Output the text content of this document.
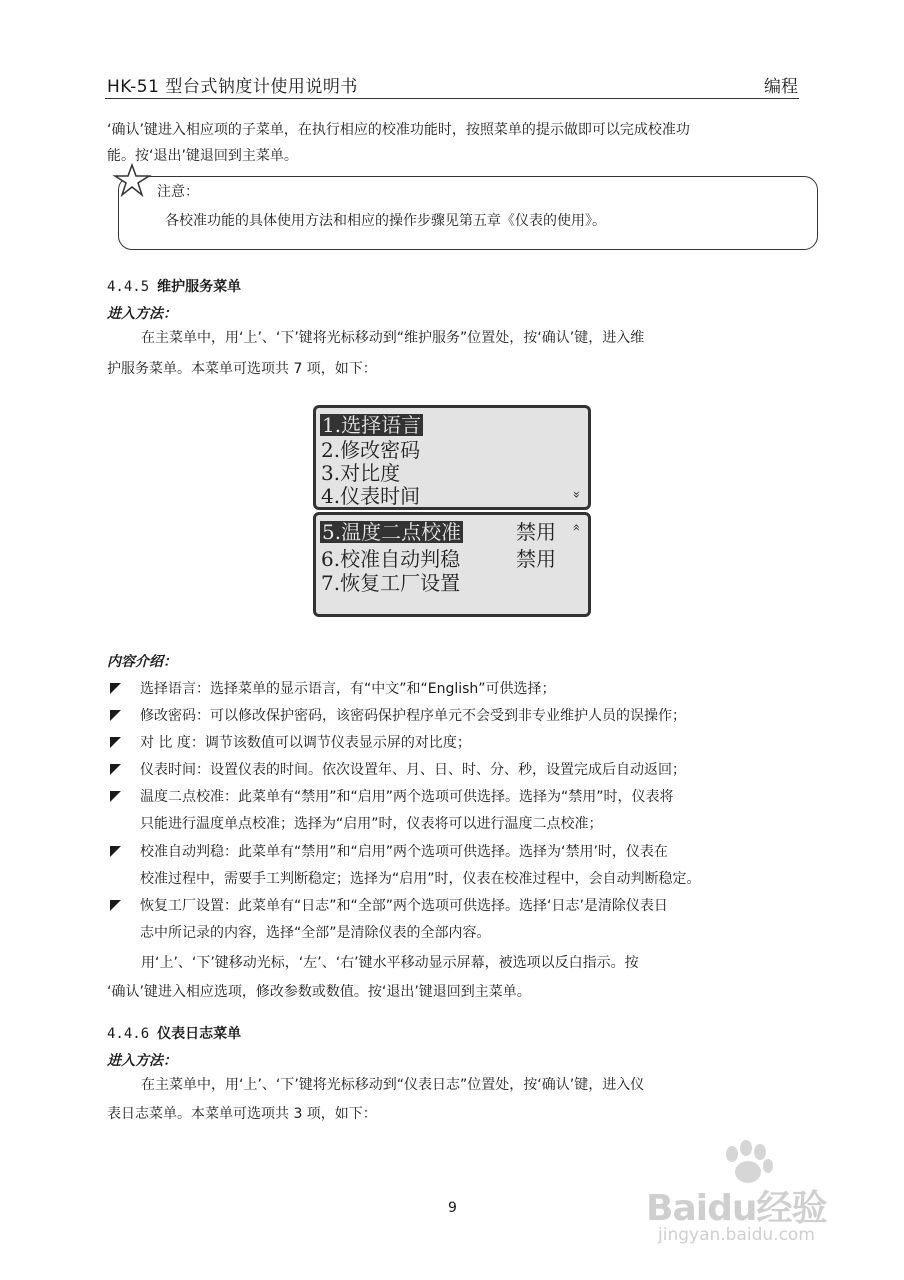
HK-51 型台式钠度计使用说明书	编程
‘确认’键进入相应项的子菜单，在执行相应的校准功能时，按照菜单的提示做即可以完成校准功
能。按‘退出’键退回到主菜单。
注意：
各校准功能的具体使用方法和相应的操作步骤见第五章《仪表的使用》。
4.4.5 维护服务菜单
进入方法：
在主菜单中，用‘上’、‘下’键将光标移动到“维护服务”位置处，按‘确认’键，进入维
护服务菜单。本菜单可选项共 7 项，如下：
1.选择语言
2.修改密码
3.对比度
4.仪表时间	»
5.温度二点校准	禁用
6.校准自动判稳	禁用
7.恢复工厂设置
«
内容介绍：
选择语言：选择菜单的显示语言，有“中文”和“English”可供选择；
修改密码：可以修改保护密码，该密码保护程序单元不会受到非专业维护人员的误操作；
对 比 度：调节该数值可以调节仪表显示屏的对比度；
仪表时间：设置仪表的时间。依次设置年、月、日、时、分、秒，设置完成后自动返回；
温度二点校准：此菜单有“禁用”和“启用”两个选项可供选择。选择为“禁用”时，仪表将
只能进行温度单点校准；选择为“启用”时，仪表将可以进行温度二点校准；
校准自动判稳：此菜单有“禁用”和“启用”两个选项可供选择。选择为‘禁用’时，仪表在
校准过程中，需要手工判断稳定；选择为“启用”时，仪表在校准过程中，会自动判断稳定。
恢复工厂设置：此菜单有“日志”和“全部”两个选项可供选择。选择‘日志’是清除仪表日
志中所记录的内容，选择“全部”是清除仪表的全部内容。
用‘上’、‘下’键移动光标，‘左’、‘右’键水平移动显示屏幕，被选项以反白指示。按
‘确认’键进入相应选项，修改参数或数值。按‘退出’键退回到主菜单。
4.4.6 仪表日志菜单
进入方法：
在主菜单中，用‘上’、‘下’键将光标移动到“仪表日志”位置处，按‘确认’键，进入仪
表日志菜单。本菜单可选项共 3 项，如下：
9	Baidu经验
jingyan.baidu.com
